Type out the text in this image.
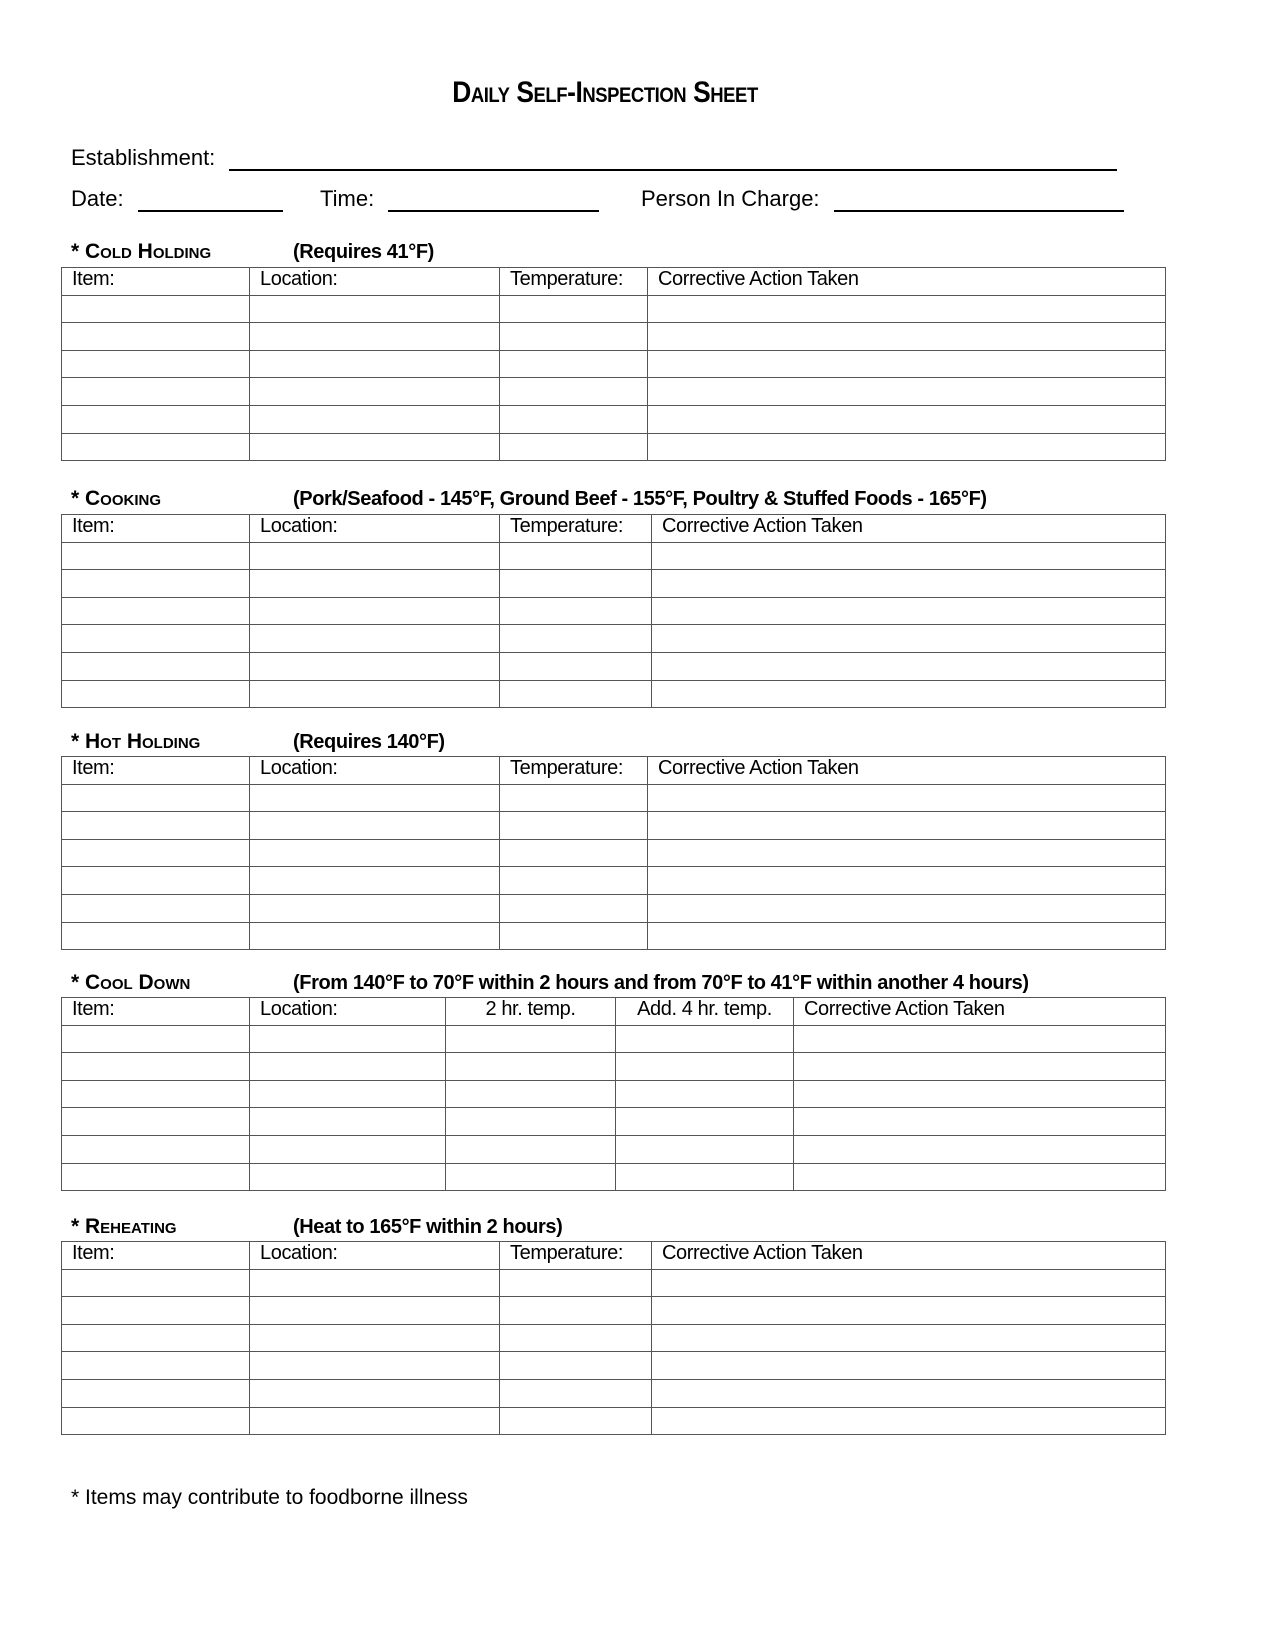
Daily Self-Inspection Sheet
Establishment:
Date:	Time:	Person In Charge:
* Cold Holding	(Requires 41°F)
Item:	Location:	Temperature:	Corrective Action Taken

* Cooking	(Pork/Seafood - 145°F, Ground Beef - 155°F, Poultry & Stuffed Foods - 165°F)
Item:	Location:	Temperature:	Corrective Action Taken

* Hot Holding	(Requires 140°F)
Item:	Location:	Temperature:	Corrective Action Taken

* Cool Down	(From 140°F to 70°F within 2 hours and from 70°F to 41°F within another 4 hours)
Item:	Location:	2 hr. temp.	Add. 4 hr. temp.	Corrective Action Taken

* Reheating	(Heat to 165°F within 2 hours)
Item:	Location:	Temperature:	Corrective Action Taken

* Items may contribute to foodborne illness
